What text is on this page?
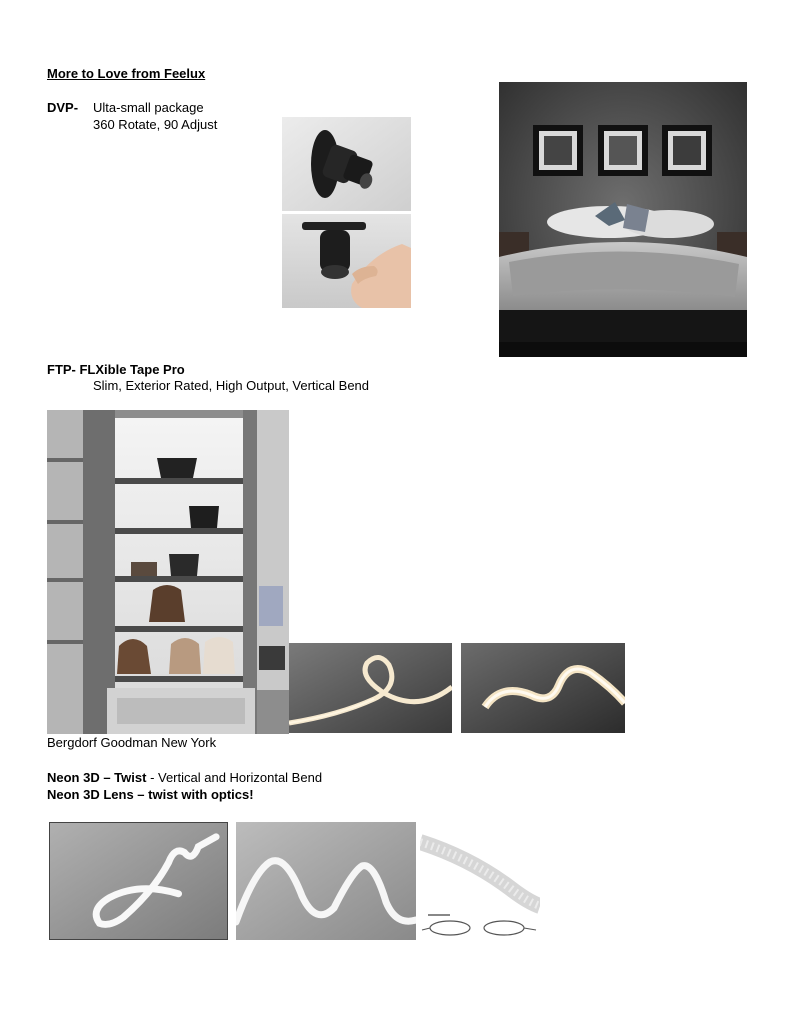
More to Love from Feelux
DVP- Ulta-small package
360 Rotate, 90 Adjust
FTP- FLXible Tape Pro
Slim, Exterior Rated, High Output, Vertical Bend
Bergdorf Goodman New York
Neon 3D – Twist - Vertical and Horizontal Bend
Neon 3D Lens – twist with optics!
